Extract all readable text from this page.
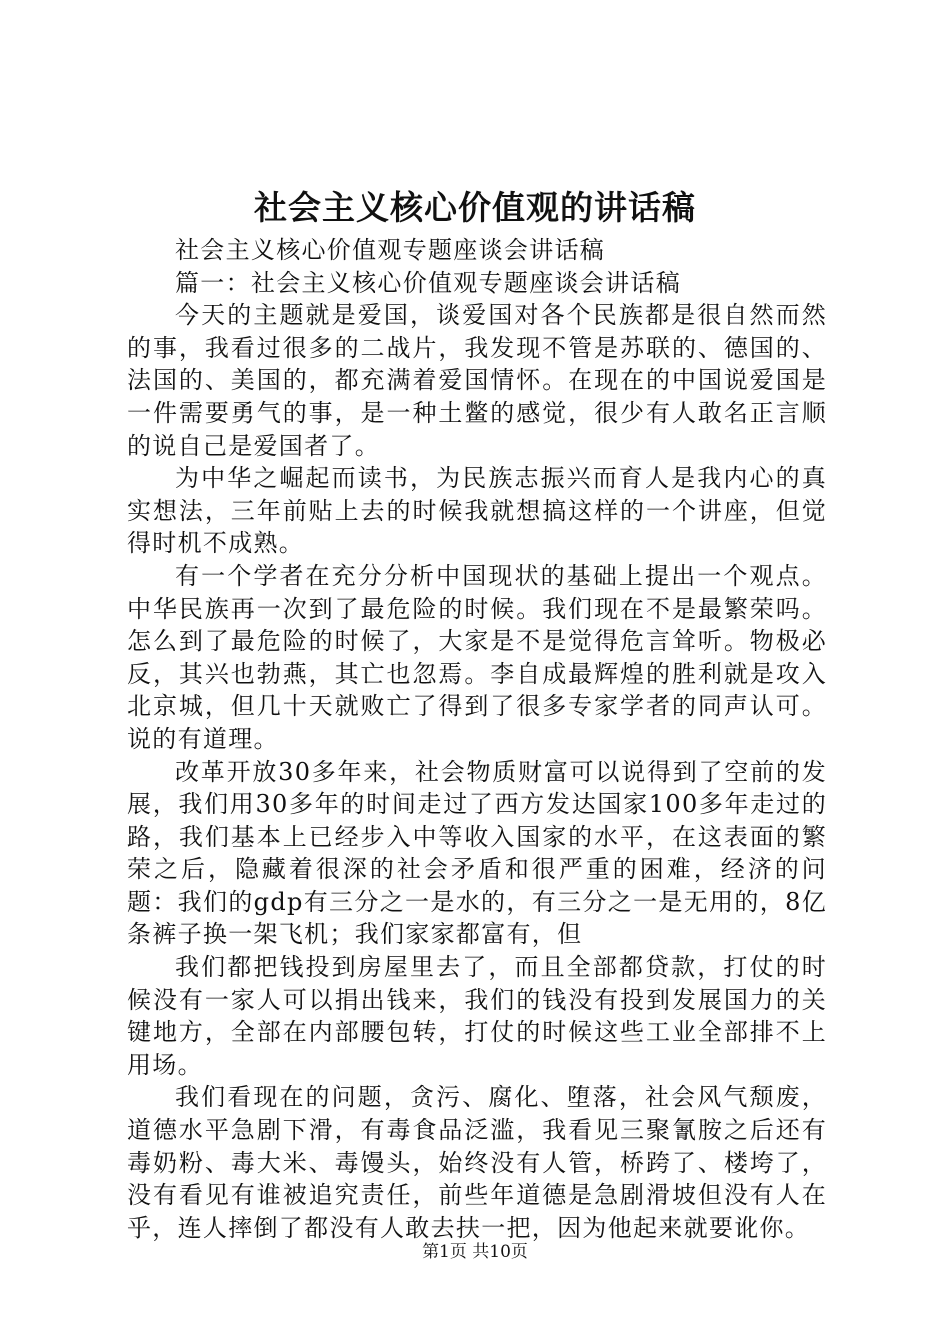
社会主义核心价值观的讲话稿

社会主义核心价值观专题座谈会讲话稿

篇一：社会主义核心价值观专题座谈会讲话稿

今天的主题就是爱国，谈爱国对各个民族都是很自然而然的事，我看过很多的二战片，我发现不管是苏联的、德国的、法国的、美国的，都充满着爱国情怀。在现在的中国说爱国是一件需要勇气的事，是一种土鳖的感觉，很少有人敢名正言顺的说自己是爱国者了。

为中华之崛起而读书，为民族志振兴而育人是我内心的真实想法，三年前贴上去的时候我就想搞这样的一个讲座，但觉得时机不成熟。

有一个学者在充分分析中国现状的基础上提出一个观点。中华民族再一次到了最危险的时候。我们现在不是最繁荣吗。怎么到了最危险的时候了，大家是不是觉得危言耸听。物极必反，其兴也勃燕，其亡也忽焉。李自成最辉煌的胜利就是攻入北京城，但几十天就败亡了得到了很多专家学者的同声认可。说的有道理。

改革开放30多年来，社会物质财富可以说得到了空前的发展，我们用30多年的时间走过了西方发达国家100多年走过的路，我们基本上已经步入中等收入国家的水平，在这表面的繁荣之后，隐藏着很深的社会矛盾和很严重的困难，经济的问题：我们的gdp有三分之一是水的，有三分之一是无用的，8亿条裤子换一架飞机；我们家家都富有，但

我们都把钱投到房屋里去了，而且全部都贷款，打仗的时候没有一家人可以捐出钱来，我们的钱没有投到发展国力的关键地方，全部在内部腰包转，打仗的时候这些工业全部排不上用场。

我们看现在的问题，贪污、腐化、堕落，社会风气颓废，道德水平急剧下滑，有毒食品泛滥，我看见三聚氰胺之后还有毒奶粉、毒大米、毒馒头，始终没有人管，桥跨了、楼垮了，没有看见有谁被追究责任，前些年道德是急剧滑坡但没有人在乎，连人摔倒了都没有人敢去扶一把，因为他起来就要讹你。

第1页 共10页
